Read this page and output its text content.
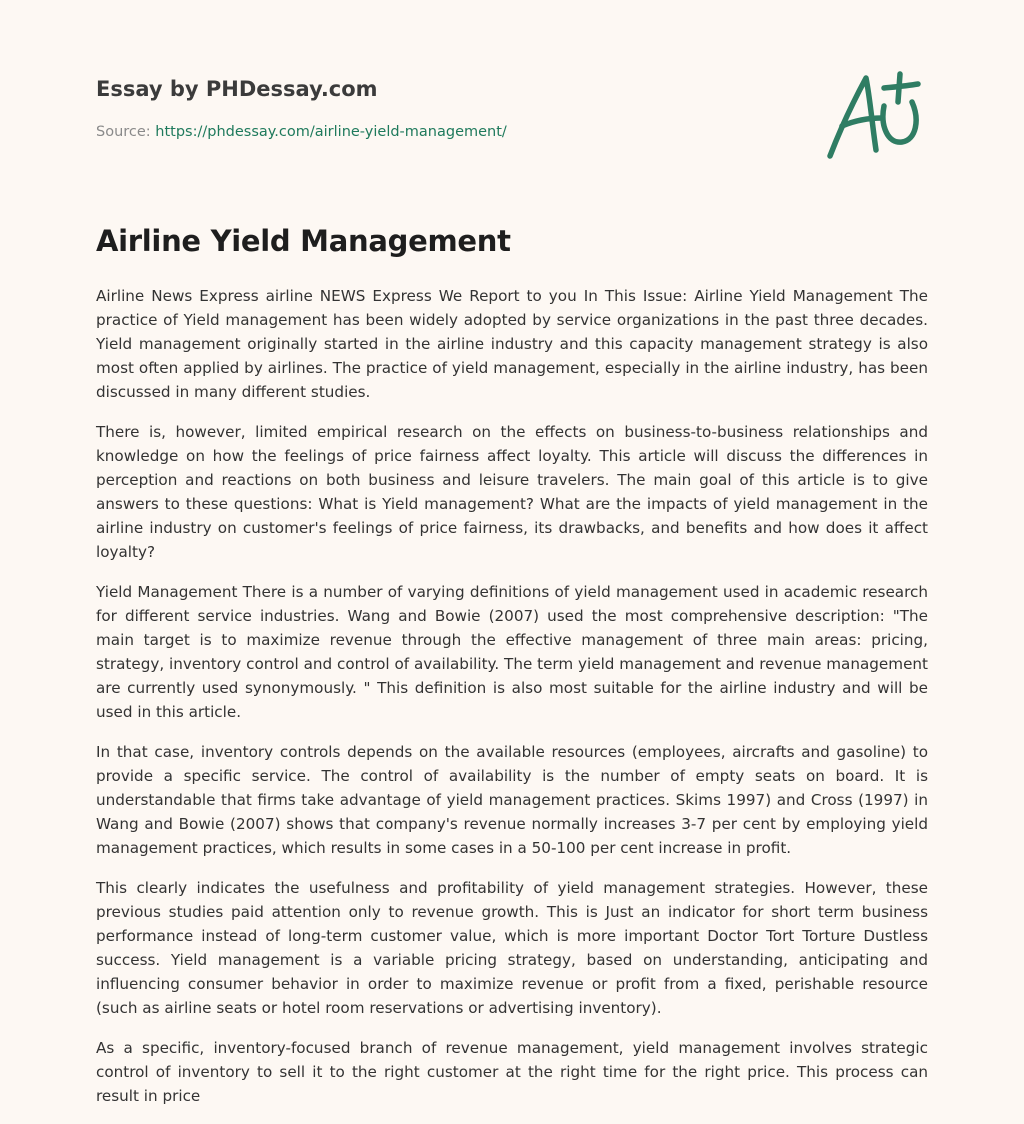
Essay by PHDessay.com
Source: https://phdessay.com/airline-yield-management/
Airline Yield Management

Airline News Express airline NEWS Express We Report to you In This Issue: Airline Yield Management The practice of Yield management has been widely adopted by service organizations in the past three decades. Yield management originally started in the airline industry and this capacity management strategy is also most often applied by airlines. The practice of yield management, especially in the airline industry, has been discussed in many different studies.

There is, however, limited empirical research on the effects on business-to-business relationships and knowledge on how the feelings of price fairness affect loyalty. This article will discuss the differences in perception and reactions on both business and leisure travelers. The main goal of this article is to give answers to these questions: What is Yield management? What are the impacts of yield management in the airline industry on customer's feelings of price fairness, its drawbacks, and benefits and how does it affect loyalty?

Yield Management There is a number of varying definitions of yield management used in academic research for different service industries. Wang and Bowie (2007) used the most comprehensive description: "The main target is to maximize revenue through the effective management of three main areas: pricing, strategy, inventory control and control of availability. The term yield management and revenue management are currently used synonymously. " This definition is also most suitable for the airline industry and will be used in this article.

In that case, inventory controls depends on the available resources (employees, aircrafts and gasoline) to provide a specific service. The control of availability is the number of empty seats on board. It is understandable that firms take advantage of yield management practices. Skims 1997) and Cross (1997) in Wang and Bowie (2007) shows that company's revenue normally increases 3-7 per cent by employing yield management practices, which results in some cases in a 50-100 per cent increase in profit.

This clearly indicates the usefulness and profitability of yield management strategies. However, these previous studies paid attention only to revenue growth. This is Just an indicator for short term business performance instead of long-term customer value, which is more important Doctor Tort Torture Dustless success. Yield management is a variable pricing strategy, based on understanding, anticipating and influencing consumer behavior in order to maximize revenue or profit from a fixed, perishable resource (such as airline seats or hotel room reservations or advertising inventory).

As a specific, inventory-focused branch of revenue management, yield management involves strategic control of inventory to sell it to the right customer at the right time for the right price. This process can result in price
